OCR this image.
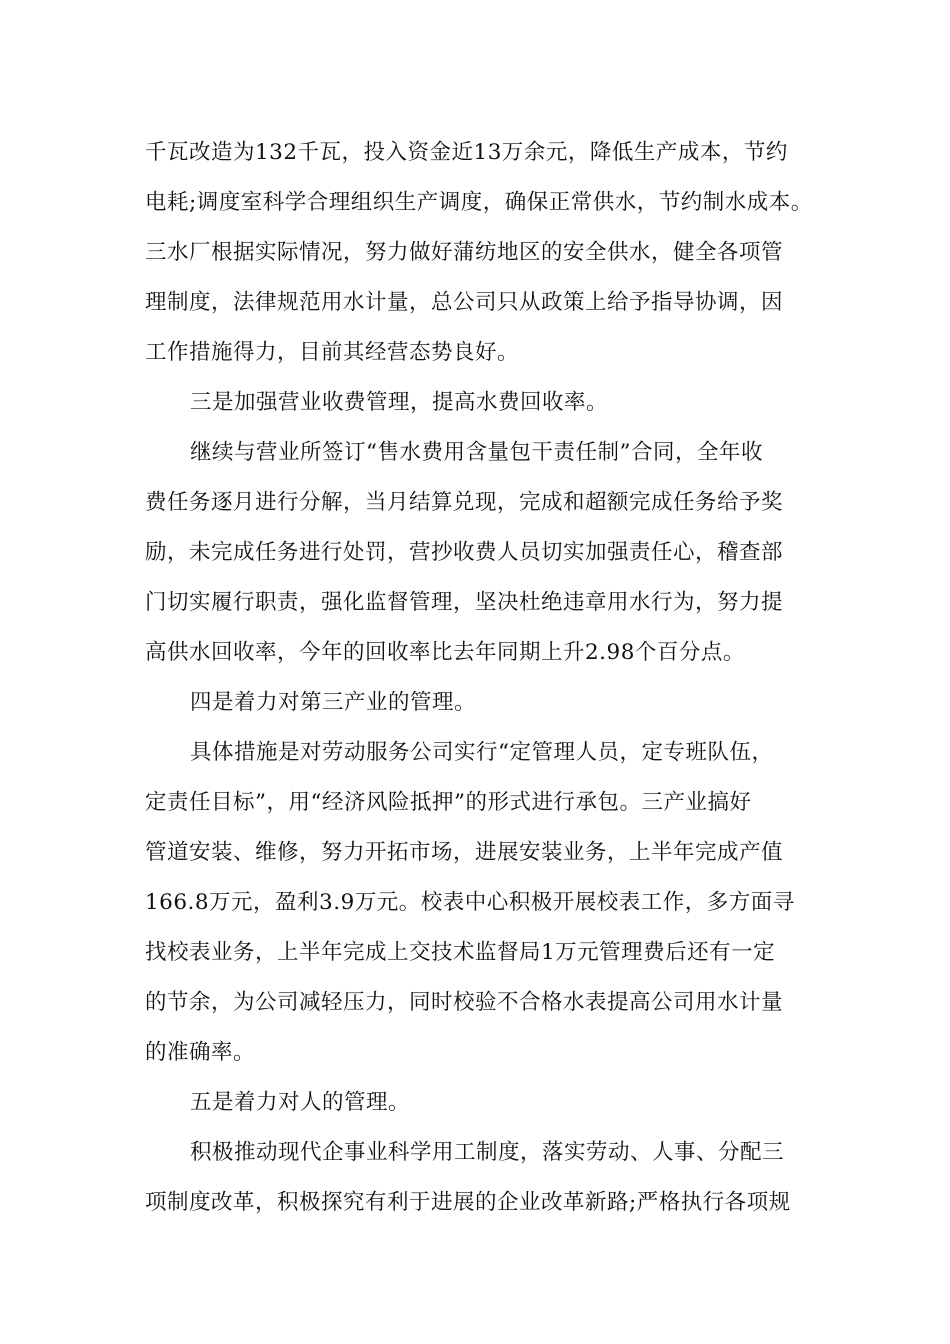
千瓦改造为132千瓦，投入资金近13万余元，降低生产成本，节约
电耗;调度室科学合理组织生产调度，确保正常供水，节约制水成本。
三水厂根据实际情况，努力做好蒲纺地区的安全供水，健全各项管
理制度，法律规范用水计量，总公司只从政策上给予指导协调，因
工作措施得力，目前其经营态势良好。
三是加强营业收费管理，提高水费回收率。
继续与营业所签订“售水费用含量包干责任制”合同，全年收
费任务逐月进行分解，当月结算兑现，完成和超额完成任务给予奖
励，未完成任务进行处罚，营抄收费人员切实加强责任心，稽查部
门切实履行职责，强化监督管理，坚决杜绝违章用水行为，努力提
高供水回收率，今年的回收率比去年同期上升2.98个百分点。
四是着力对第三产业的管理。
具体措施是对劳动服务公司实行“定管理人员，定专班队伍，
定责任目标”，用“经济风险抵押”的形式进行承包。三产业搞好
管道安装、维修，努力开拓市场，进展安装业务，上半年完成产值
166.8万元，盈利3.9万元。校表中心积极开展校表工作，多方面寻
找校表业务，上半年完成上交技术监督局1万元管理费后还有一定
的节余，为公司减轻压力，同时校验不合格水表提高公司用水计量
的准确率。
五是着力对人的管理。
积极推动现代企事业科学用工制度，落实劳动、人事、分配三
项制度改革，积极探究有利于进展的企业改革新路;严格执行各项规
